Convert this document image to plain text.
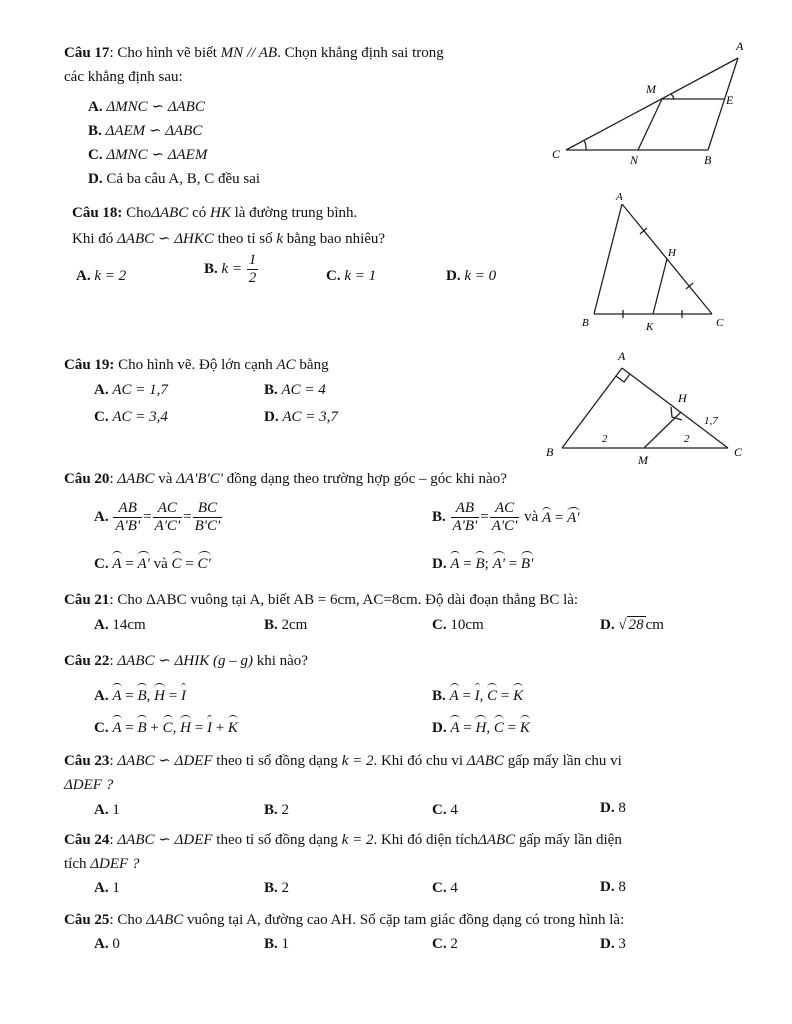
Câu 17: Cho hình vẽ biết MN // AB. Chọn khẳng định sai trong
các khẳng định sau:
A. ΔMNC ∽ ΔABC
B. ΔAEM ∽ ΔABC
C. ΔMNC ∽ ΔAEM
D. Cả ba câu A, B, C đều sai
A
M
E
C	N	B
Câu 18: ChoΔABC có HK là đường trung bình.
Khi đó ΔABC ∽ ΔHKC theo tỉ số k bằng bao nhiêu?
A. k = 2	B. $k = \frac{1}{2}$	C. k = 1	D. k = 0
A
H
B	K	C
Câu 19: Cho hình vẽ. Độ lớn cạnh AC bằng
A. AC = 1,7	B. AC = 4
C. AC = 3,4	D. AC = 3,7
A
H
1,7
2	2
B
M
C
Câu 20: ΔABC và ΔA'B'C' đồng dạng theo trường hợp góc – góc khi nào?
A. $\frac{AB}{A'B'} = \frac{AC}{A'C'} = \frac{BC}{B'C'}$	B. $\frac{AB}{A'B'} = \frac{AC}{A'C'}$ và A = A'
C. A = A' và C = C'	D. A = B; A' = B'
Câu 21: Cho ΔABC vuông tại A, biết AB = 6cm, AC=8cm. Độ dài đoạn thẳng BC là:
A. 14cm	B. 2cm	C. 10cm	D. √ 28 cm
Câu 22: ΔABC ∽ ΔHIK (g – g) khi nào?
A. A = B, H = I	B. A = I, C = K
C. A = B + C, H = I + K	D. A = H, C = K
Câu 23: ΔABC ∽ ΔDEF theo tỉ số đồng dạng k = 2. Khi đó chu vi ΔABC gấp mấy lần chu vi
ΔDEF ?
A. 1	B. 2	C. 4	D. 8
Câu 24: ΔABC ∽ ΔDEF theo tỉ số đồng dạng k = 2. Khi đó diện tíchΔABC gấp mấy lần diện
tích ΔDEF ?
A. 1	B. 2	C. 4	D. 8
Câu 25: Cho ΔABC vuông tại A, đường cao AH. Số cặp tam giác đồng dạng có trong hình là:
A. 0	B. 1	C. 2	D. 3
